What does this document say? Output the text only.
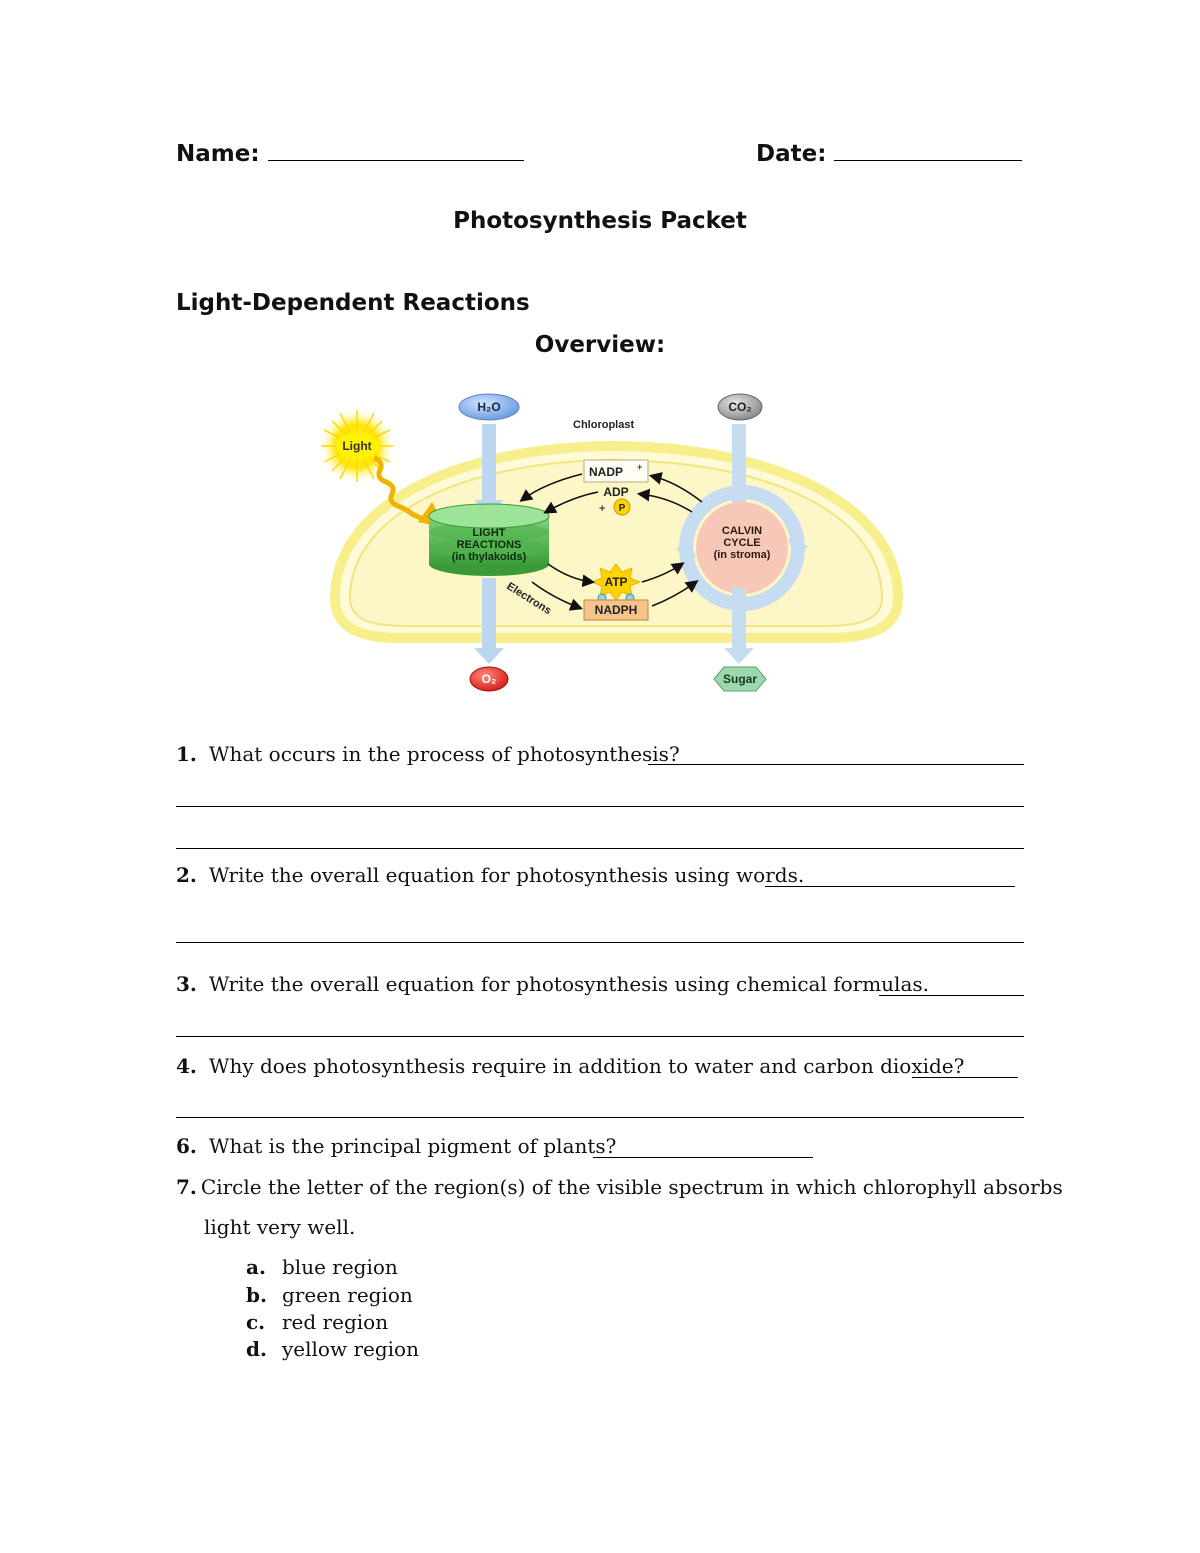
Name:	Date:
Photosynthesis Packet
Light-Dependent Reactions
Overview:
Chloroplast
H₂O	CO₂
Light
LIGHT
REACTIONS
(in thylakoids)
O₂
NADP +
ADP
+ P
CALVIN
CYCLE
(in stroma)
Sugar
ATP
NADPH
Electrons
1. What occurs in the process of photosynthesis?
2. Write the overall equation for photosynthesis using words.
3. Write the overall equation for photosynthesis using chemical formulas.
4. Why does photosynthesis require in addition to water and carbon dioxide?
6. What is the principal pigment of plants?
7. Circle the letter of the region(s) of the visible spectrum in which chlorophyll absorbs
light very well.
a. blue region
b. green region
c. red region
d. yellow region
